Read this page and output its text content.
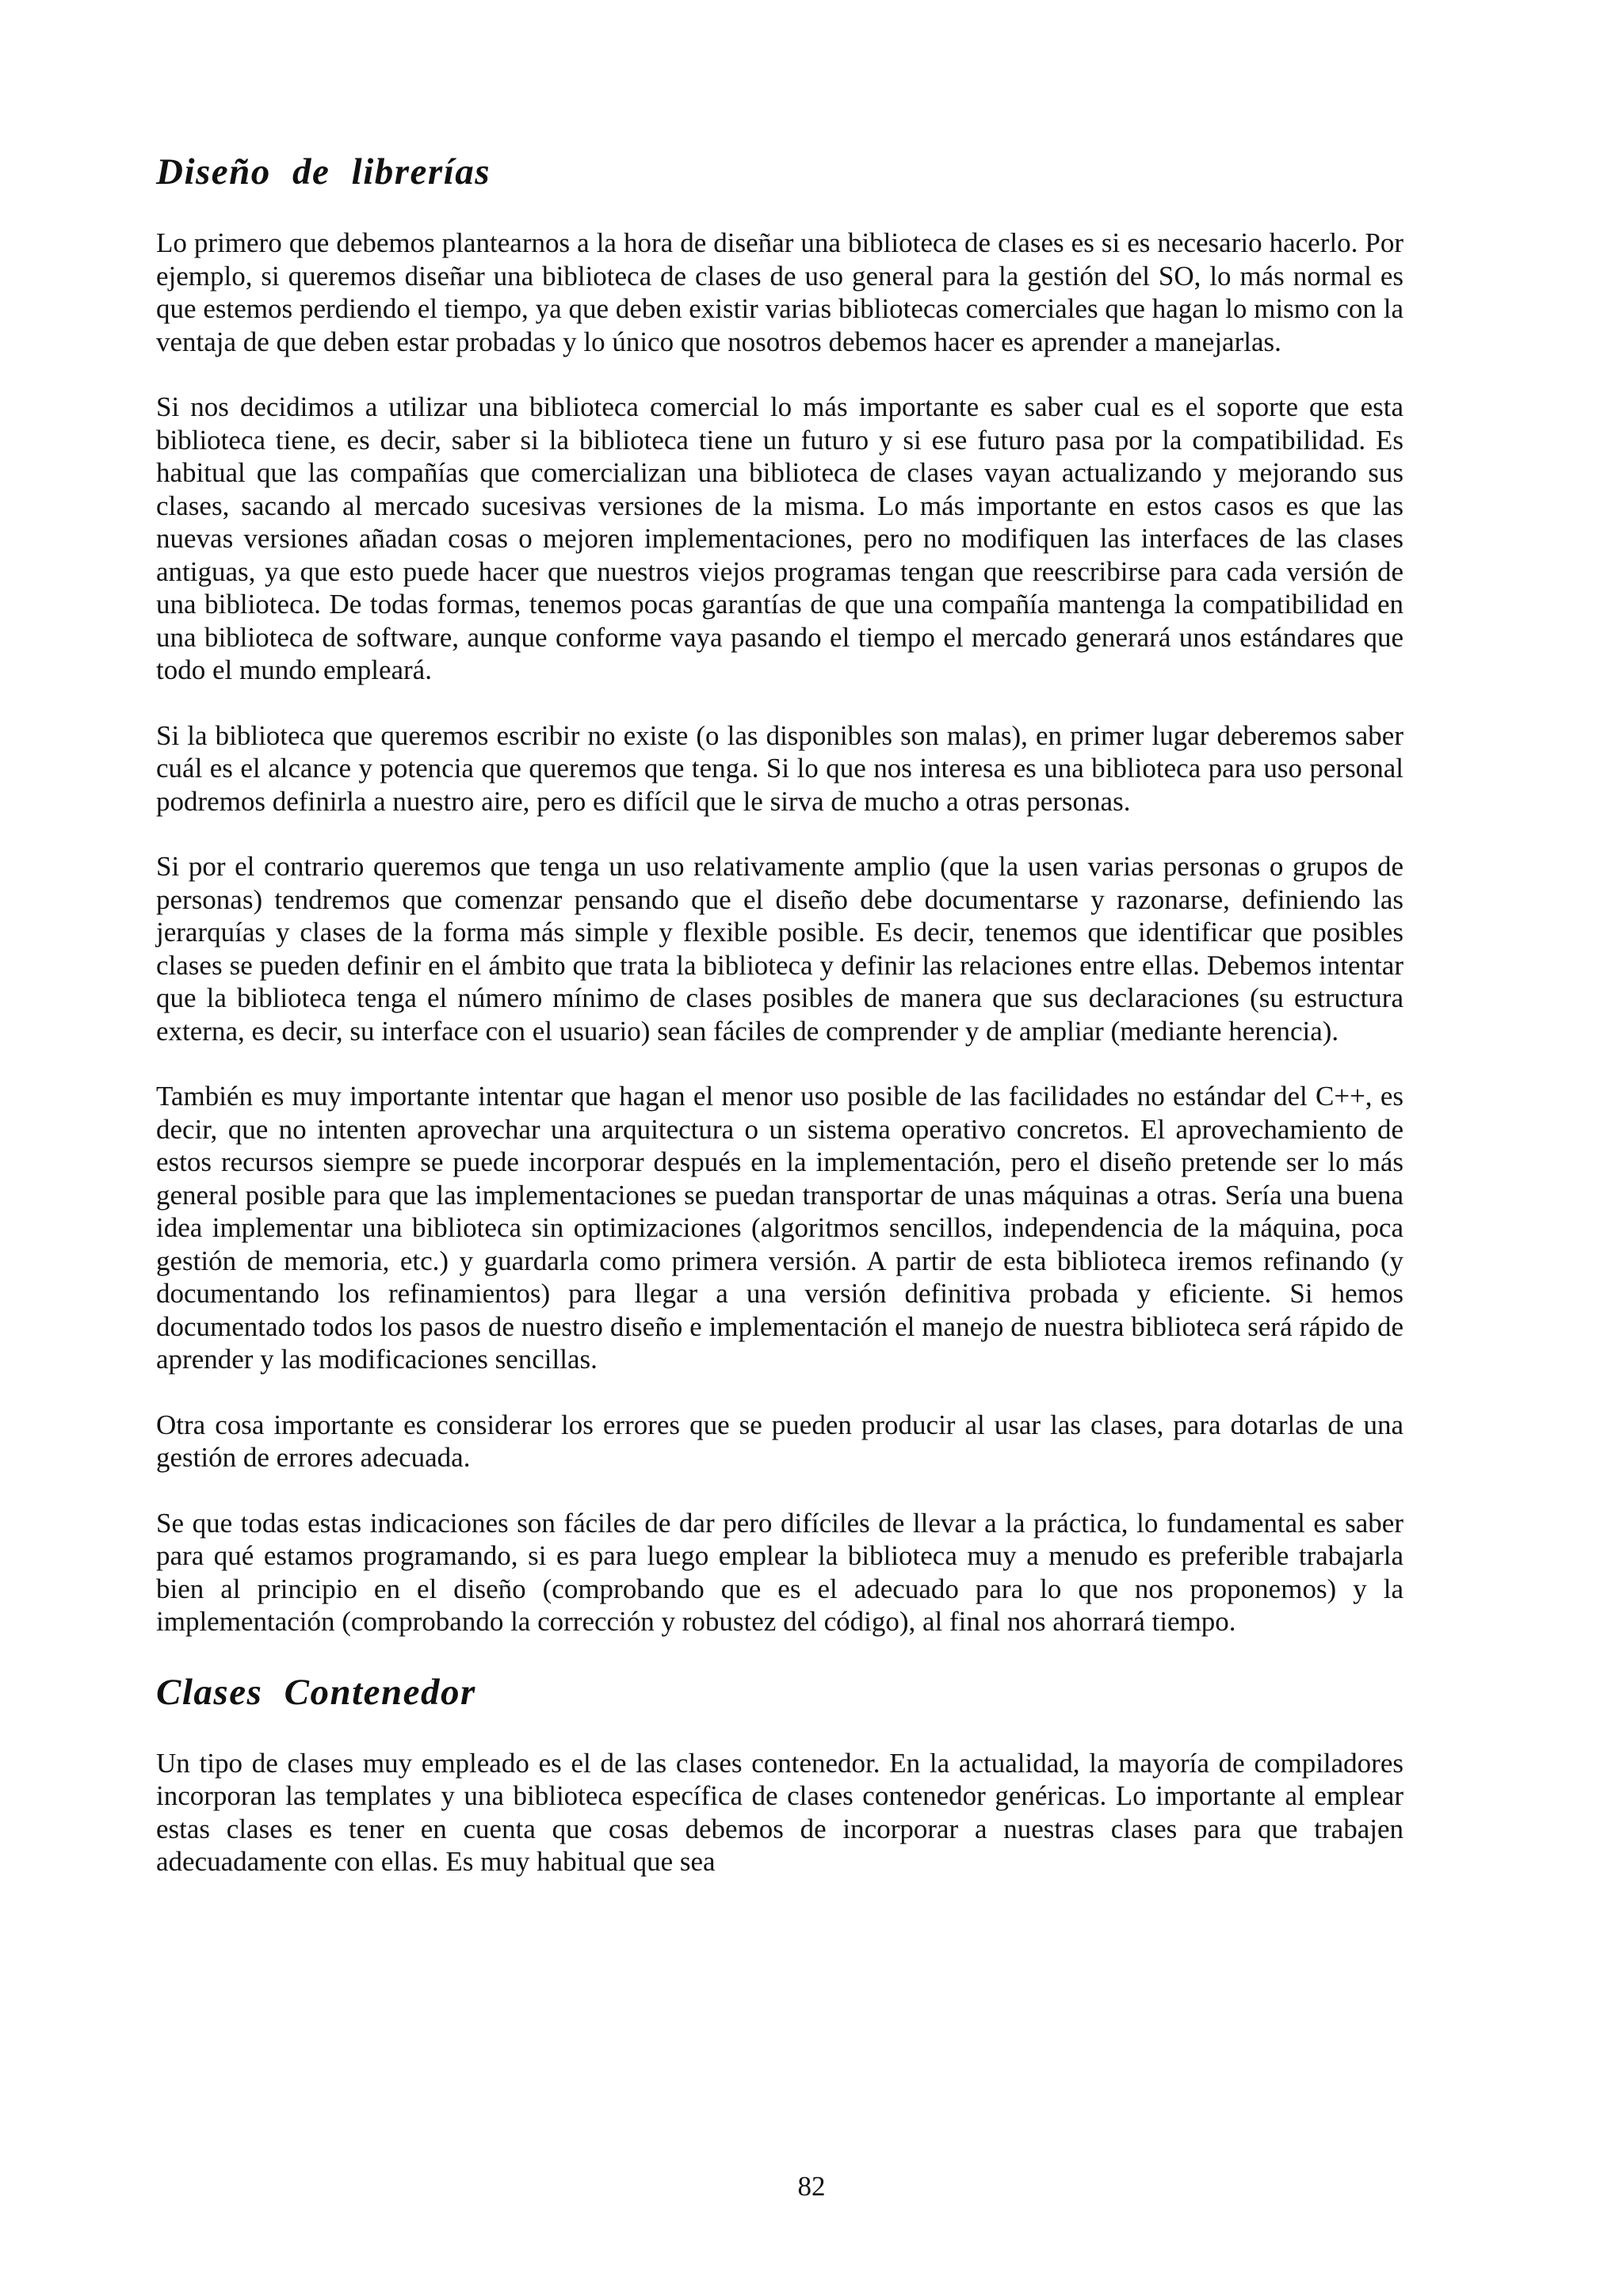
Diseño de librerías

Lo primero que debemos plantearnos a la hora de diseñar una biblioteca de clases es si es necesario hacerlo. Por ejemplo, si queremos diseñar una biblioteca de clases de uso general para la gestión del SO, lo más normal es que estemos perdiendo el tiempo, ya que deben existir varias bibliotecas comerciales que hagan lo mismo con la ventaja de que deben estar probadas y lo único que nosotros debemos hacer es aprender a manejarlas.

Si nos decidimos a utilizar una biblioteca comercial lo más importante es saber cual es el soporte que esta biblioteca tiene, es decir, saber si la biblioteca tiene un futuro y si ese futuro pasa por la compatibilidad. Es habitual que las compañías que comercializan una biblioteca de clases vayan actualizando y mejorando sus clases, sacando al mercado sucesivas versiones de la misma. Lo más importante en estos casos es que las nuevas versiones añadan cosas o mejoren implementaciones, pero no modifiquen las interfaces de las clases antiguas, ya que esto puede hacer que nuestros viejos programas tengan que reescribirse para cada versión de una biblioteca. De todas formas, tenemos pocas garantías de que una compañía mantenga la compatibilidad en una biblioteca de software, aunque conforme vaya pasando el tiempo el mercado generará unos estándares que todo el mundo empleará.

Si la biblioteca que queremos escribir no existe (o las disponibles son malas), en primer lugar deberemos saber cuál es el alcance y potencia que queremos que tenga. Si lo que nos interesa es una biblioteca para uso personal podremos definirla a nuestro aire, pero es difícil que le sirva de mucho a otras personas.

Si por el contrario queremos que tenga un uso relativamente amplio (que la usen varias personas o grupos de personas) tendremos que comenzar pensando que el diseño debe documentarse y razonarse, definiendo las jerarquías y clases de la forma más simple y flexible posible. Es decir, tenemos que identificar que posibles clases se pueden definir en el ámbito que trata la biblioteca y definir las relaciones entre ellas. Debemos intentar que la biblioteca tenga el número mínimo de clases posibles de manera que sus declaraciones (su estructura externa, es decir, su interface con el usuario) sean fáciles de comprender y de ampliar (mediante herencia).

También es muy importante intentar que hagan el menor uso posible de las facilidades no estándar del C++, es decir, que no intenten aprovechar una arquitectura o un sistema operativo concretos. El aprovechamiento de estos recursos siempre se puede incorporar después en la implementación, pero el diseño pretende ser lo más general posible para que las implementaciones se puedan transportar de unas máquinas a otras. Sería una buena idea implementar una biblioteca sin optimizaciones (algoritmos sencillos, independencia de la máquina, poca gestión de memoria, etc.) y guardarla como primera versión. A partir de esta biblioteca iremos refinando (y documentando los refinamientos) para llegar a una versión definitiva probada y eficiente. Si hemos documentado todos los pasos de nuestro diseño e implementación el manejo de nuestra biblioteca será rápido de aprender y las modificaciones sencillas.

Otra cosa importante es considerar los errores que se pueden producir al usar las clases, para dotarlas de una gestión de errores adecuada.

Se que todas estas indicaciones son fáciles de dar pero difíciles de llevar a la práctica, lo fundamental es saber para qué estamos programando, si es para luego emplear la biblioteca muy a menudo es preferible trabajarla bien al principio en el diseño (comprobando que es el adecuado para lo que nos proponemos) y la implementación (comprobando la corrección y robustez del código), al final nos ahorrará tiempo.

Clases Contenedor

Un tipo de clases muy empleado es el de las clases contenedor. En la actualidad, la mayoría de compiladores incorporan las templates y una biblioteca específica de clases contenedor genéricas. Lo importante al emplear estas clases es tener en cuenta que cosas debemos de incorporar a nuestras clases para que trabajen adecuadamente con ellas. Es muy habitual que sea

82
